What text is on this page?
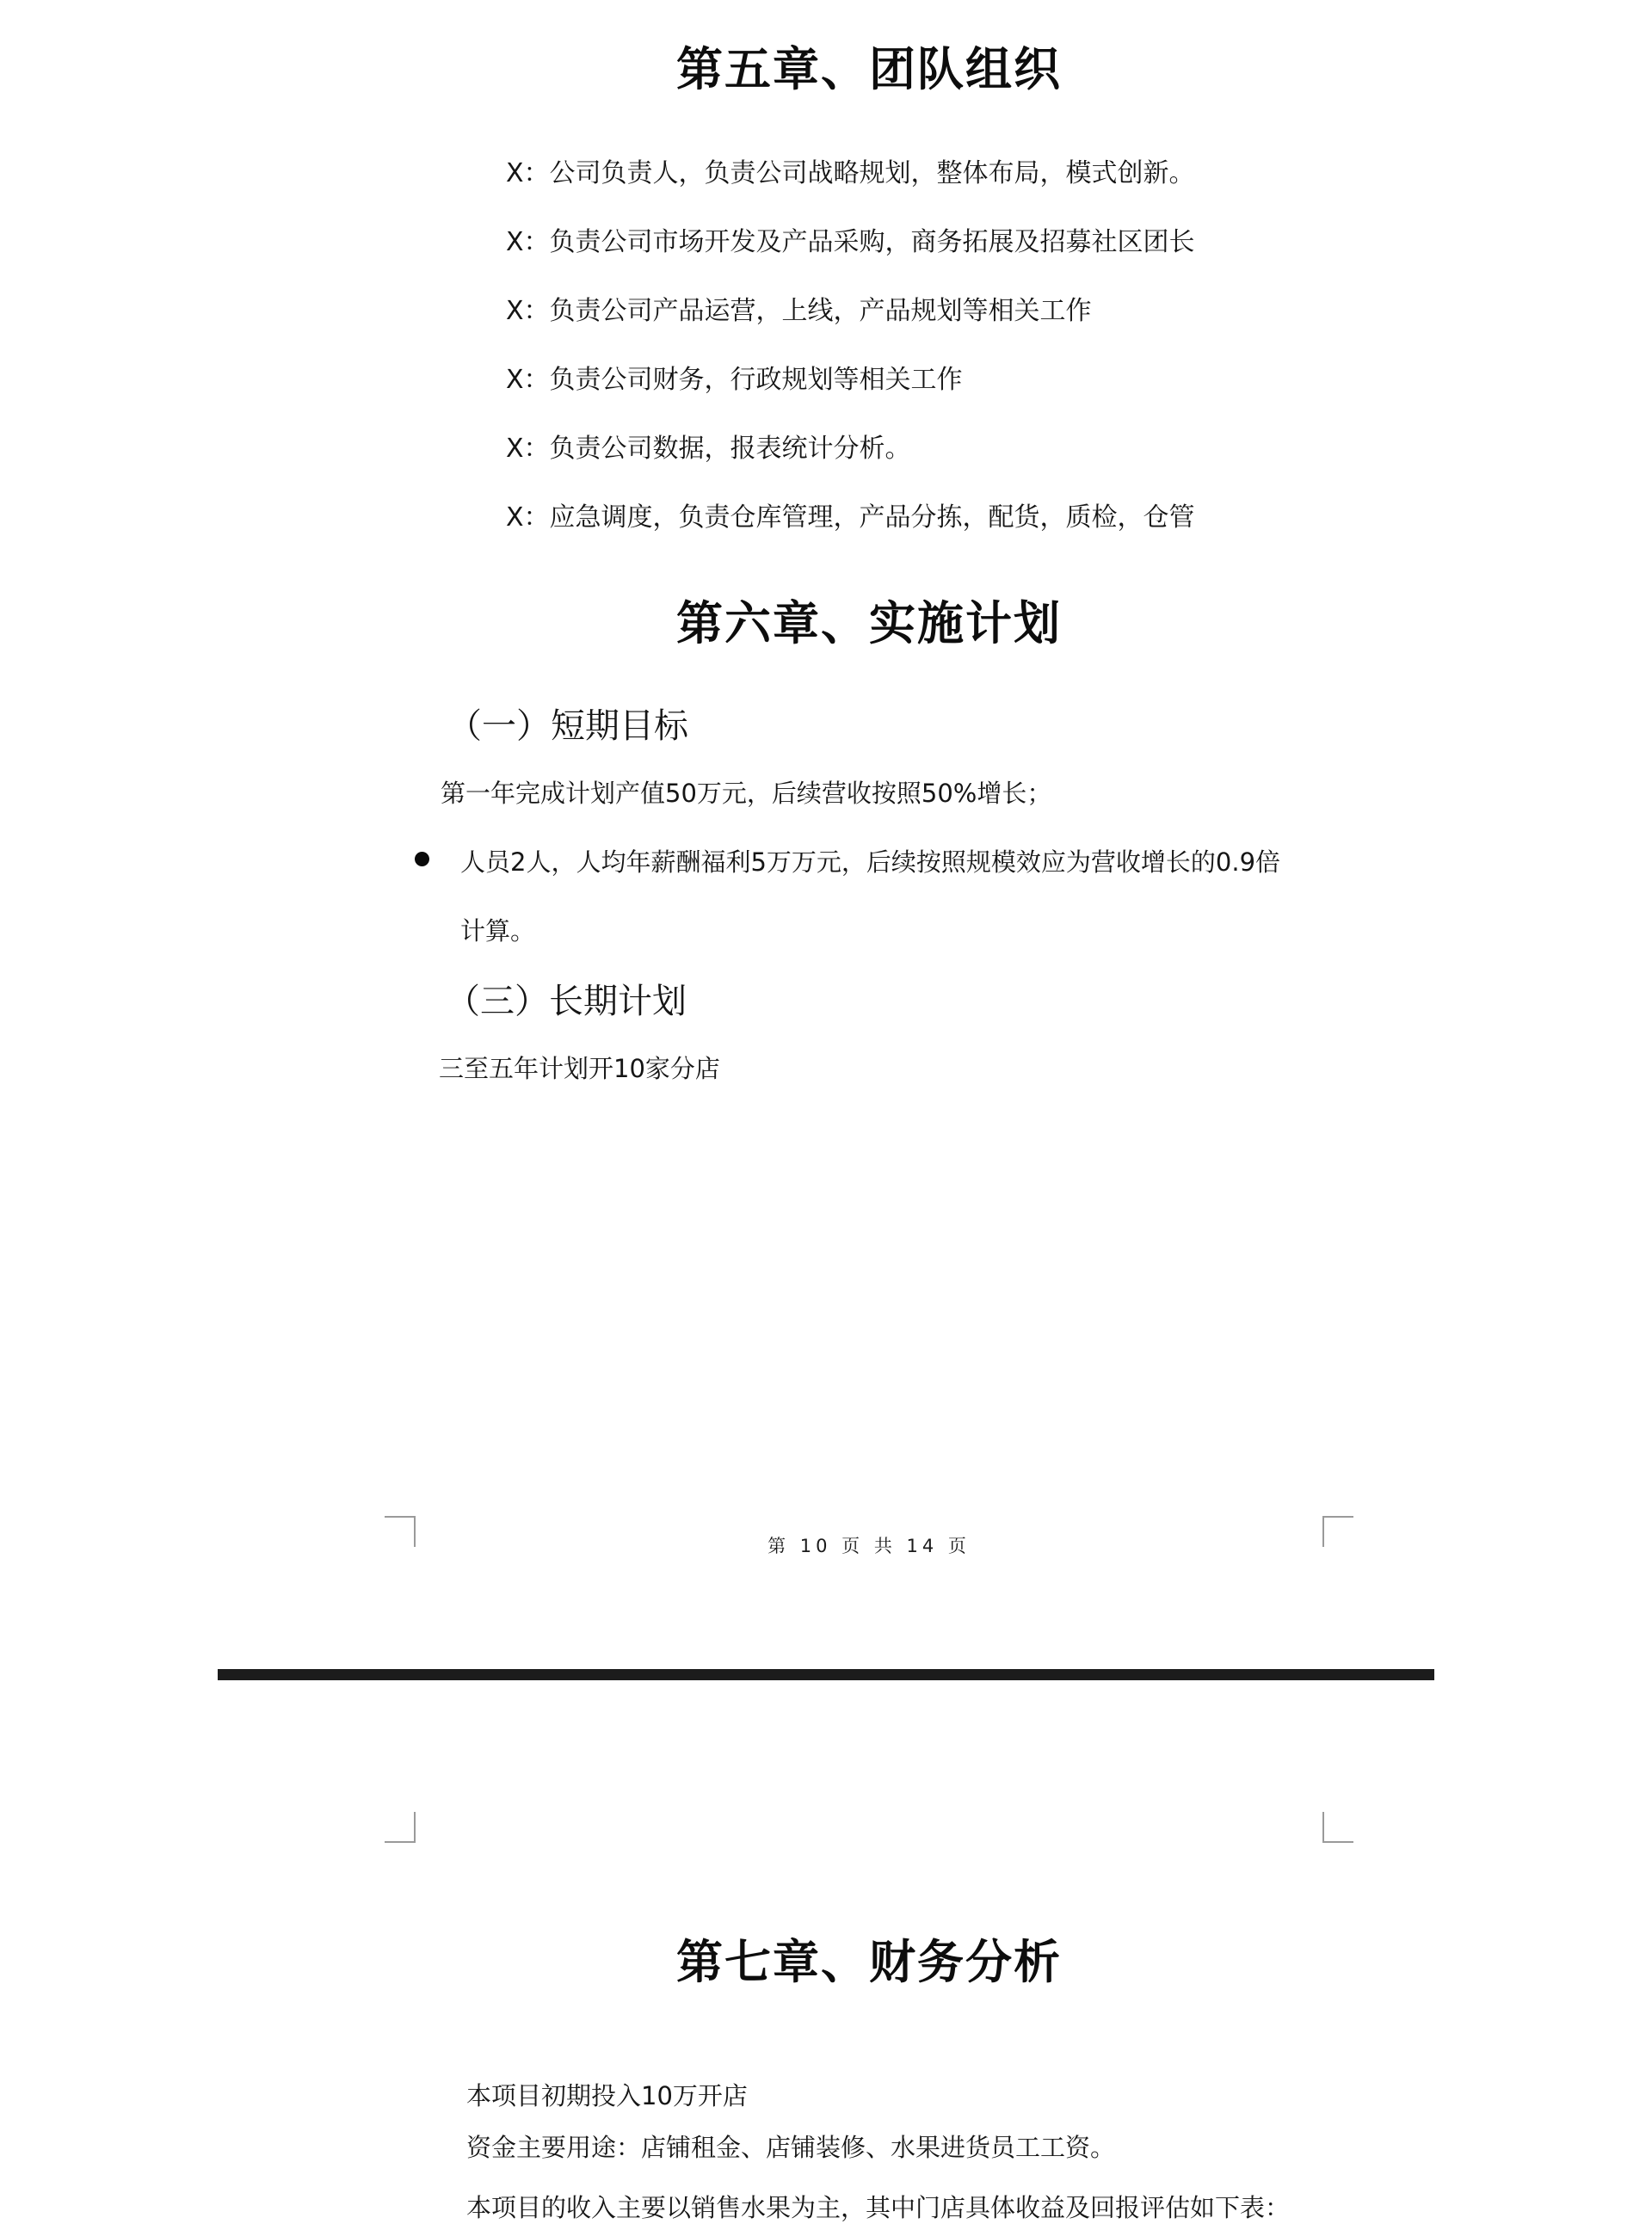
第五章、团队组织
X：公司负责人，负责公司战略规划，整体布局，模式创新。
X：负责公司市场开发及产品采购，商务拓展及招募社区团长
X：负责公司产品运营，上线，产品规划等相关工作
X：负责公司财务，行政规划等相关工作
X：负责公司数据，报表统计分析。
X：应急调度，负责仓库管理，产品分拣，配货，质检，仓管
第六章、实施计划
（一）短期目标
第一年完成计划产值50万元，后续营收按照50%增长；
人员2人，人均年薪酬福利5万万元，后续按照规模效应为营收增长的0.9倍
计算。
（三）长期计划
三至五年计划开10家分店
第 10 页 共 14 页
第七章、财务分析
本项目初期投入10万开店
资金主要用途：店铺租金、店铺装修、水果进货员工工资。
本项目的收入主要以销售水果为主，其中门店具体收益及回报评估如下表：
